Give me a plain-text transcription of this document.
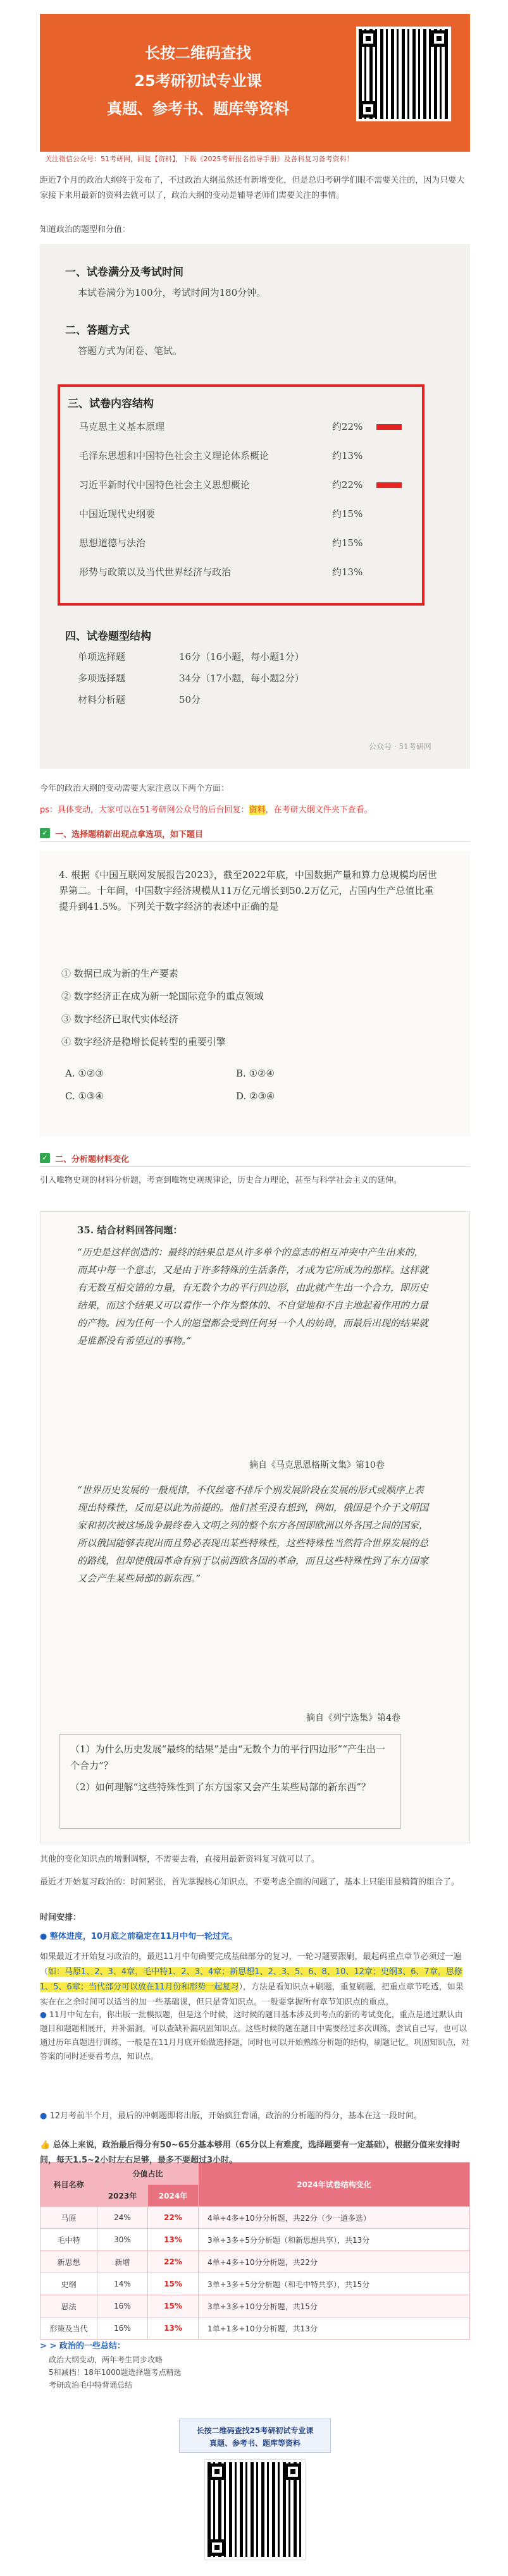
长按二维码查找
25考研初试专业课
真题、参考书、题库等资料
关注微信公众号：51考研网，回复【资料】，下载《2025考研报名指导手册》及各科复习备考资料！

距近7个月的政治大纲终于发布了，不过政治大纲虽然还有新增变化，但是总归考研学们眼不需要关注的，因为只要大家接下来用最新的资料去就可以了，政治大纲的变动是辅导老师们需要关注的事情。

知道政治的题型和分值：

一、试卷满分及考试时间
本试卷满分为100分，考试时间为180分钟。
二、答题方式
答题方式为闭卷、笔试。
三、试卷内容结构
马克思主义基本原理	约22%
毛泽东思想和中国特色社会主义理论体系概论	约13%
习近平新时代中国特色社会主义思想概论	约22%
中国近现代史纲要	约15%
思想道德与法治	约15%
形势与政策以及当代世界经济与政治	约13%
四、试卷题型结构
单项选择题	16分（16小题，每小题1分）
多项选择题	34分（17小题，每小题2分）
材料分析题	50分
公众号 · 51考研网

今年的政治大纲的变动需要大家注意以下两个方面：

ps：具体变动，大家可以在51考研网公众号的后台回复：资料，在考研大纲文件夹下查看。

✓ 一、选择题稍新出现点拿选项，如下题目
4. 根据《中国互联网发展报告2023》，截至2022年底，中国数据产量和算力总规模均居世界第二。十年间，中国数字经济规模从11万亿元增长到50.2万亿元，占国内生产总值比重提升到41.5%。下列关于数字经济的表述中正确的是
① 数据已成为新的生产要素
② 数字经济正在成为新一轮国际竞争的重点领域
③ 数字经济已取代实体经济
④ 数字经济是稳增长促转型的重要引擎
A. ①②③	B. ①②④C. ①③④	D. ②③④
✓ 二、分析题材料变化

引入唯物史观的材料分析题，考查到唯物史观规律论，历史合力理论，甚至与科学社会主义的延伸。

35. 结合材料回答问题：
“历史是这样创造的：最终的结果总是从许多单个的意志的相互冲突中产生出来的，而其中每一个意志，又是由于许多特殊的生活条件，才成为它所成为的那样。这样就有无数互相交错的力量，有无数个力的平行四边形，由此就产生出一个合力，即历史结果，而这个结果又可以看作一个作为整体的、不自觉地和不自主地起着作用的力量的产物。因为任何一个人的愿望都会受到任何另一个人的妨碍，而最后出现的结果就是谁都没有希望过的事物。”
摘自《马克思恩格斯文集》第10卷
“世界历史发展的一般规律，不仅丝毫不排斥个别发展阶段在发展的形式或顺序上表现出特殊性，反而是以此为前提的。他们甚至没有想到，例如，俄国是个介于文明国家和初次被这场战争最终卷入文明之列的整个东方各国即欧洲以外各国之间的国家，所以俄国能够表现出而且势必表现出某些特殊性，这些特殊性当然符合世界发展的总的路线，但却使俄国革命有别于以前西欧各国的革命，而且这些特殊性到了东方国家又会产生某些局部的新东西。”
摘自《列宁选集》第4卷
（1）为什么历史发展“最终的结果”是由“无数个力的平行四边形”“产生出一个合力”？
（2）如何理解“这些特殊性到了东方国家又会产生某些局部的新东西”？

其他的变化知识点的增删调整，不需要去看，直接用最新资料复习就可以了。

最近才开始复习政治的：时间紧张，首先掌握核心知识点，不要考虑全面的问题了，基本上只能用最精简的组合了。

时间安排：

● 整体进度，10月底之前稳定在11月中旬一轮过完。

如果最近才开始复习政治的，最迟11月中旬确要完成基础部分的复习，一轮习题要跟刷，最起码重点章节必须过一遍（如：马原1、2、3、4章，毛中特1、2、3、4章；新思想1、2、3、5、6、8、10、12章；史纲3、6、7章，思修1、5、6章；当代部分可以放在11月份和形势一起复习），方法是看知识点+刷题，重复刷题，把重点章节吃透，如果实在在之余时间可以适当的加一些基础课，但只是背知识点。一般要掌握所有章节知识点的重点。

● 11月中旬左右，你出版一批模拟题，但是这个时候，这时候的题目基本涉及到考点的新的考试变化，重点是通过默认由题目和题题相展开，并补漏洞，可以查缺补漏巩固知识点。这些时候的题在题目中需要经过多次训练，尝试自己写，也可以通过历年真题进行训练，一般是在11月月底开始做选择题，同时也可以开始熟练分析题的结构，刷题记忆，巩固知识点，对答案的同时还要看考点，知识点。
科目名称	分值占比		2024年试卷结构变化
	2023年	2024年	
马原	24%	22%	4单+4多+10分分析题，共22分（少一道多选）
毛中特	30%	13%	3单+3多+5分分析题（和新思想共享），共13分
新思想	新增	22%	4单+4多+10分分析题，共22分
史纲	14%	15%	3单+3多+5分分析题（和毛中特共享），共15分
思法	16%	15%	3单+3多+10分分析题，共15分
形策及当代	16%	13%	1单+1多+10分分析题，共13分

👍 总体上来说，政治最后得分有50~65分基本够用（65分以上有难度，选择题要有一定基础），根据分值来安排时间，每天1.5~2小时左右足够，最多不要超过3小时。

● 12月考前半个月，最后的冲刺题即将出版，开始疯狂背诵，政治的分析题的得分，基本在这一段时间。

> > 政治的一些总结：
政治大纲变动，两年考生同步攻略
5和减档！18年1000题选择题考点精选
考研政治毛中特背诵总结
长按二维码查找25考研初试专业课
真题、参考书、题库等资料
